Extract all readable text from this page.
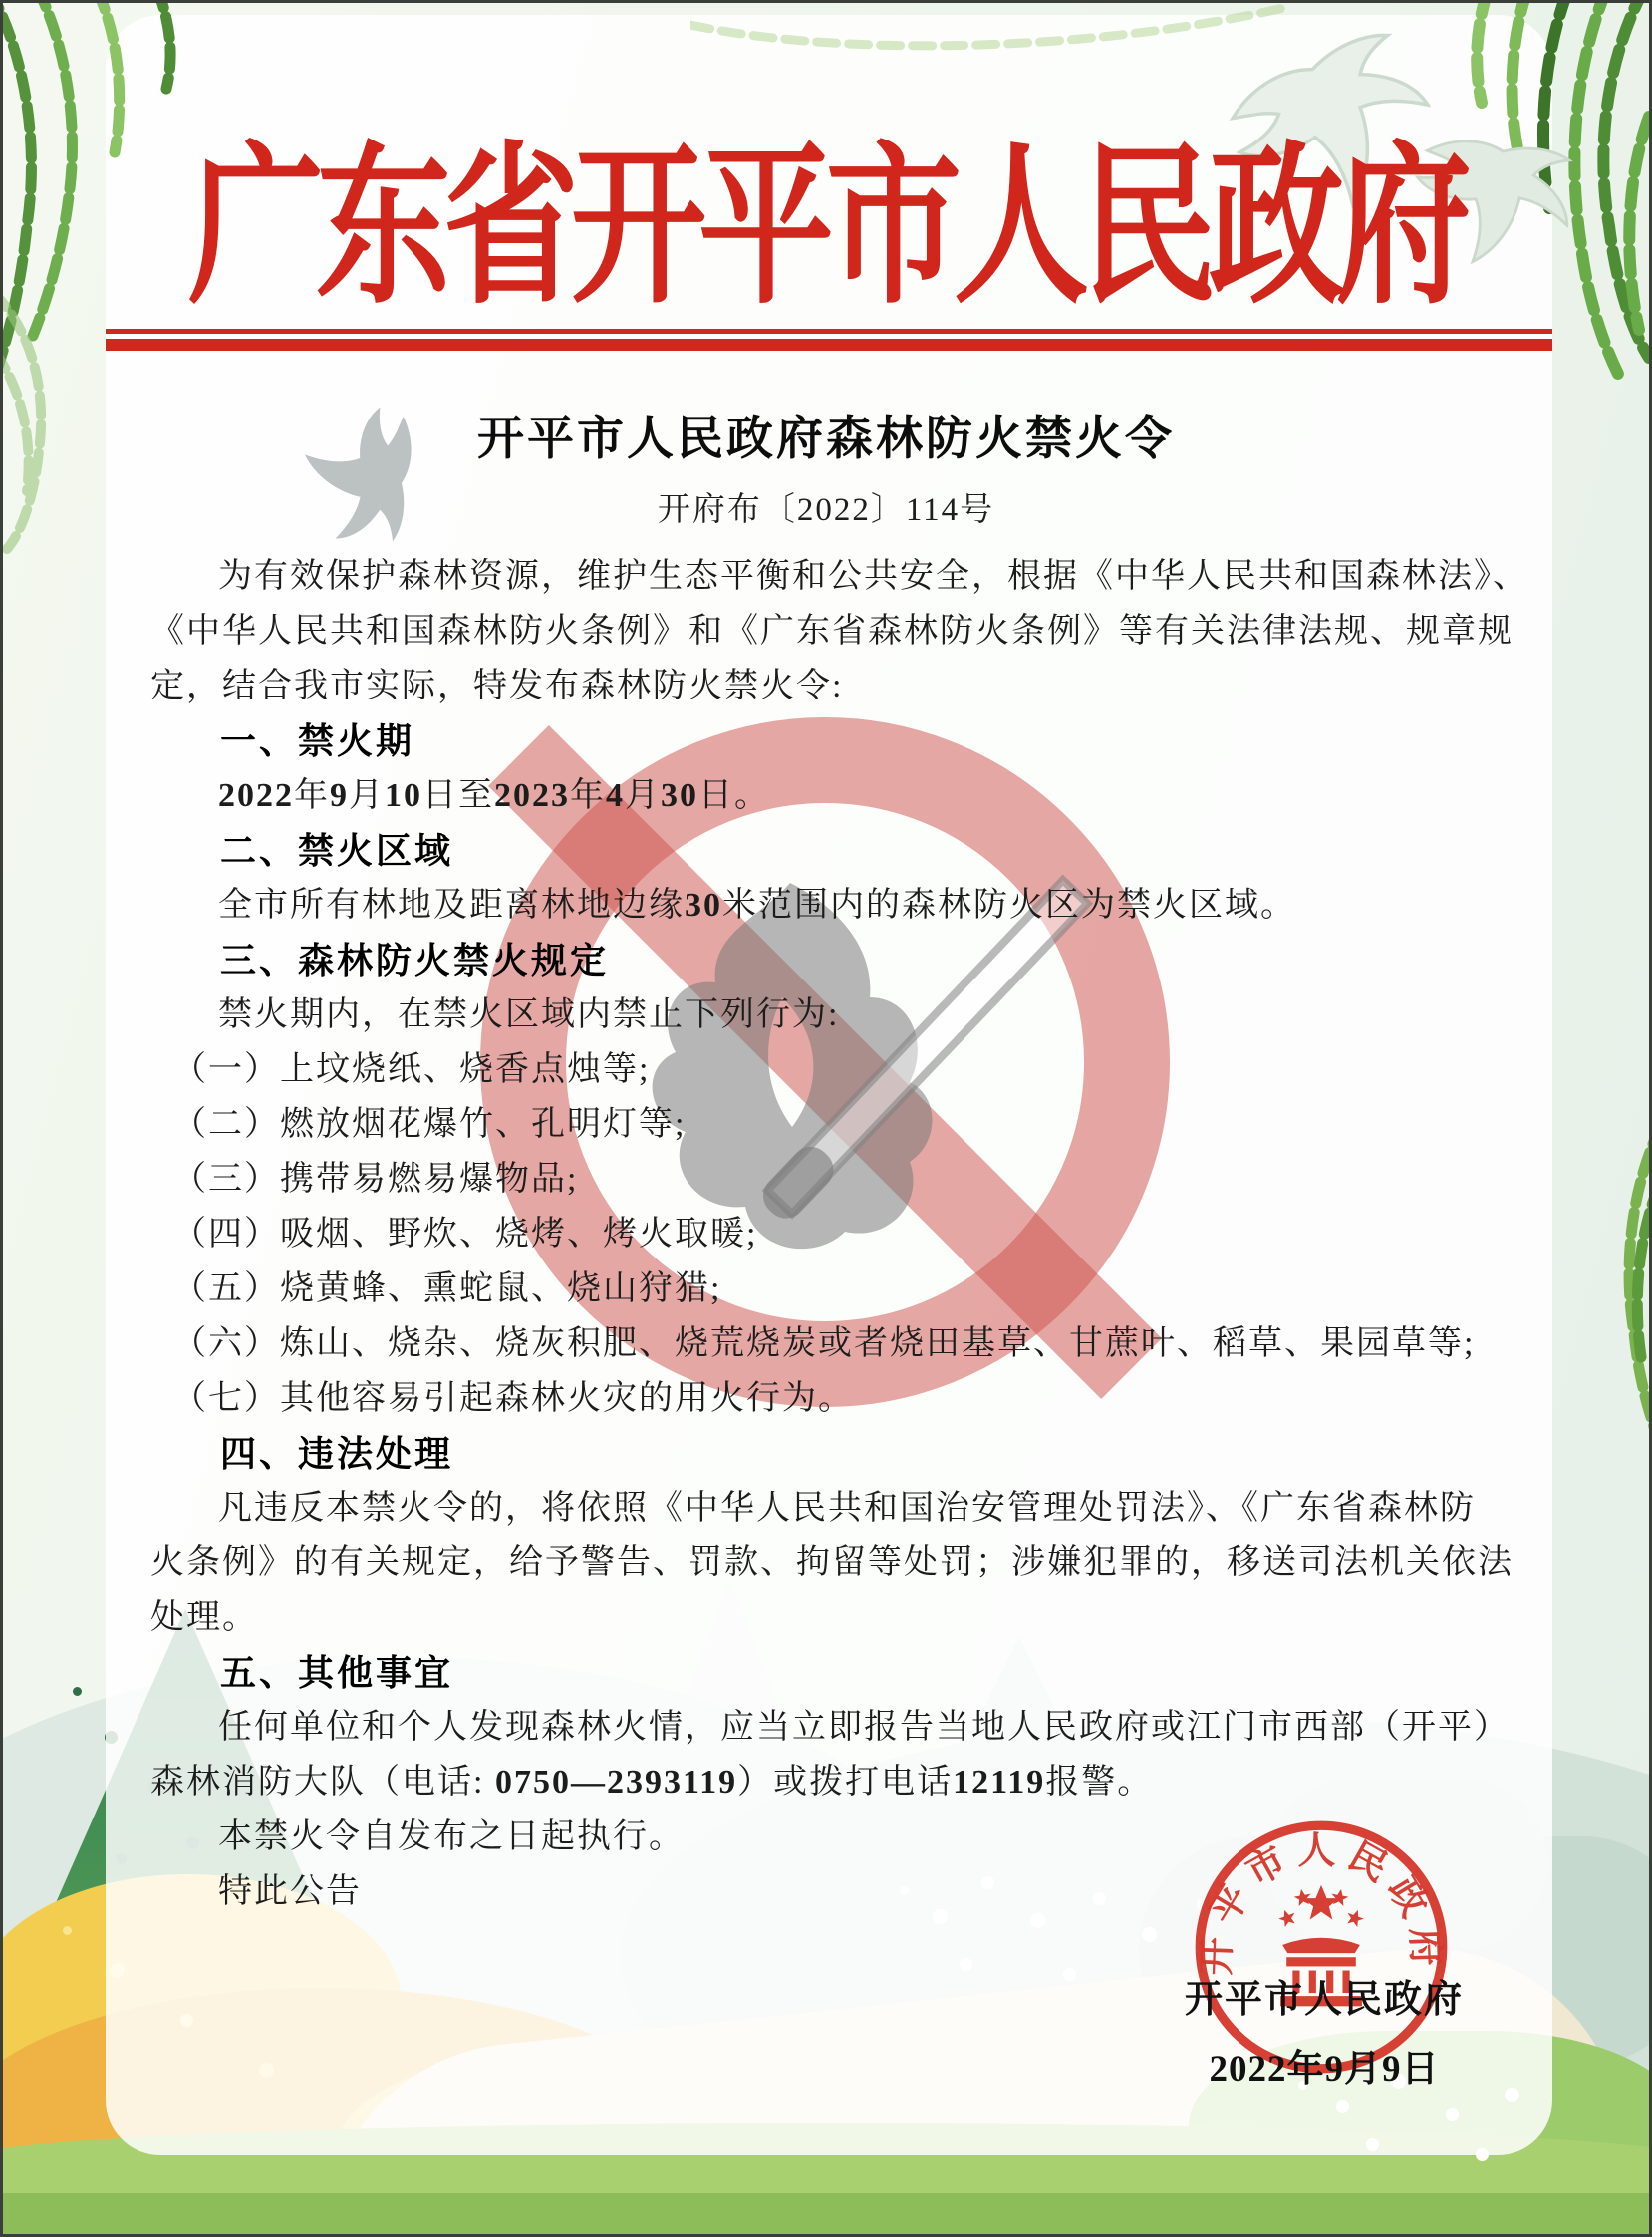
开平市人民政府
广东省开平市人民政府
开平市人民政府森林防火禁火令
开府布〔2022〕114号
为有效保护森林资源，维护生态平衡和公共安全，根据《中华人民共和国森林法》、
《中华人民共和国森林防火条例》和《广东省森林防火条例》等有关法律法规、规章规
定，结合我市实际，特发布森林防火禁火令:
一、禁火期
2022年9月10日至2023年4月30日。
二、禁火区域
全市所有林地及距离林地边缘30米范围内的森林防火区为禁火区域。
三、森林防火禁火规定
禁火期内，在禁火区域内禁止下列行为:
（一）上坟烧纸、烧香点烛等;
（二）燃放烟花爆竹、孔明灯等;
（三）携带易燃易爆物品;
（四）吸烟、野炊、烧烤、烤火取暖;
（五）烧黄蜂、熏蛇鼠、烧山狩猎;
（六）炼山、烧杂、烧灰积肥、烧荒烧炭或者烧田基草、甘蔗叶、稻草、果园草等;
（七）其他容易引起森林火灾的用火行为。
四、违法处理
凡违反本禁火令的，将依照《中华人民共和国治安管理处罚法》、《广东省森林防
火条例》的有关规定，给予警告、罚款、拘留等处罚；涉嫌犯罪的，移送司法机关依法
处理。
五、其他事宜
任何单位和个人发现森林火情，应当立即报告当地人民政府或江门市西部（开平）
森林消防大队（电话: 0750—2393119）或拨打电话12119报警。
本禁火令自发布之日起执行。
特此公告
开平市人民政府
2022年9月9日
